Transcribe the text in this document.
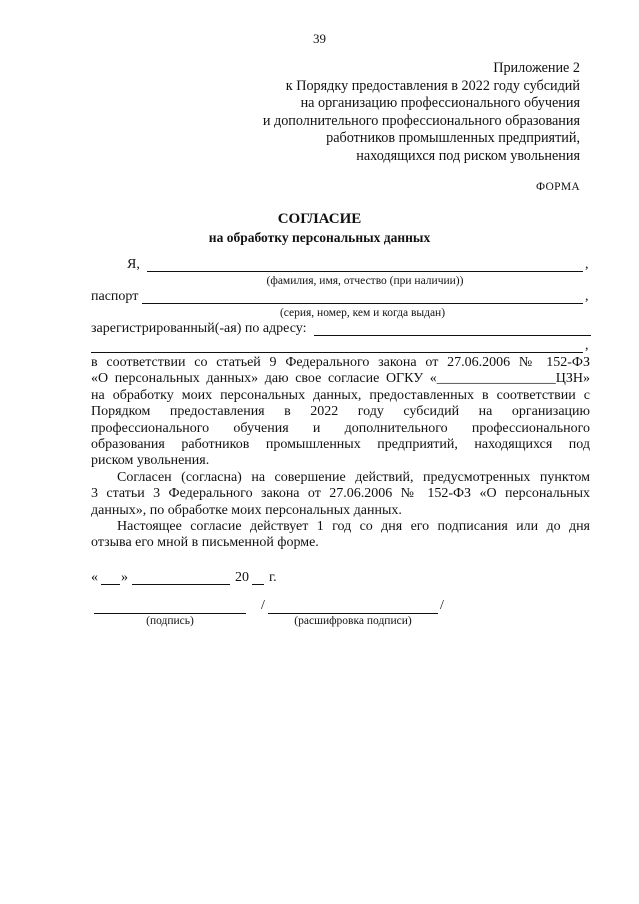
39
Приложение 2
к Порядку предоставления в 2022 году субсидий
на организацию профессионального обучения
и дополнительного профессионального образования
работников промышленных предприятий,
находящихся под риском увольнения
ФОРМА
СОГЛАСИЕ
на обработку персональных данных
Я,	,
(фамилия, имя, отчество (при наличии))
паспорт	,
(серия, номер, кем и когда выдан)
зарегистрированный(-ая) по адресу:
,
в соответствии со статьей 9 Федерального закона от 27.06.2006 № 152-ФЗ
«О персональных данных» даю свое согласие ОГКУ «_________________ЦЗН»
на обработку моих персональных данных, предоставленных в соответствии с
Порядком предоставления в 2022 году субсидий на организацию
профессионального обучения и дополнительного профессионального
образования работников промышленных предприятий, находящихся под
риском увольнения.
Согласен (согласна) на совершение действий, предусмотренных пунктом
3 статьи 3 Федерального закона от 27.06.2006 № 152-ФЗ «О персональных
данных», по обработке моих персональных данных.
Настоящее согласие действует 1 год со дня его подписания или до дня
отзыва его мной в письменной форме.
« »	20 г.
/	/
(подпись)	(расшифровка подписи)
